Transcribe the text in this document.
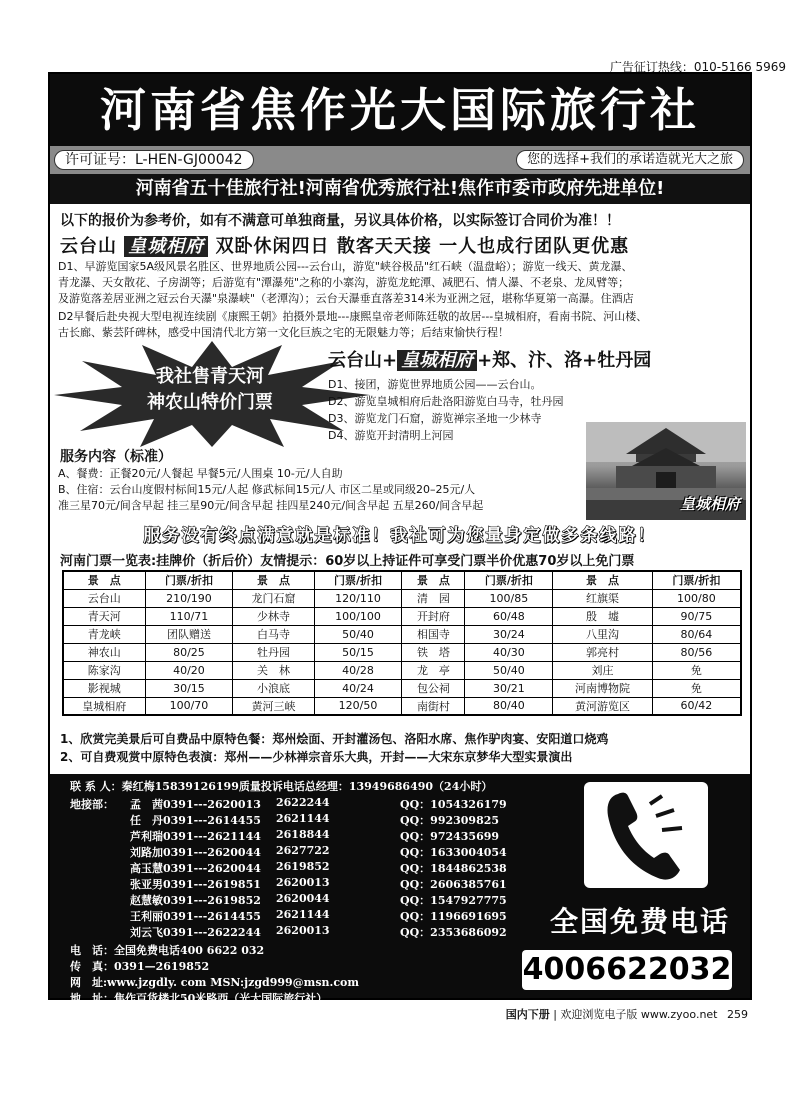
广告征订热线：010-5166 5969
河南省焦作光大国际旅行社
许可证号：L-HEN-GJ00042	您的选择+我们的承诺造就光大之旅
河南省五十佳旅行社!河南省优秀旅行社!焦作市委市政府先进单位!
以下的报价为参考价，如有不满意可单独商量，另议具体价格，以实际签订合同价为准！！
云台山 皇城相府 双卧休闲四日 散客天天接 一人也成行团队更优惠
D1、早游览国家5A级风景名胜区、世界地质公园---云台山，游览"峡谷极品"红石峡（温盘峪）；游览一线天、黄龙瀑、
青龙瀑、天女散花、子房湖等；后游览有"潭瀑苑"之称的小寨沟，游览龙蛇潭、减肥石、情人瀑、不老泉、龙凤臂等；
及游览落差居亚洲之冠云台天瀑"泉瀑峡"（老潭沟）；云台天瀑垂直落差314米为亚洲之冠，堪称华夏第一高瀑。住酒店
D2早餐后赴央视大型电视连续剧《康熙王朝》拍摄外景地---康熙皇帝老师陈廷敬的故居---皇城相府，看南书院、河山楼、
古长廊、紫芸阡碑林，感受中国清代北方第一文化巨族之宅的无限魅力等；后结束愉快行程！
我社售青天河
神农山特价门票
云台山+ 皇城相府 +郑、汴、洛+牡丹园
D1、接团，游览世界地质公园——云台山。
D2、游览皇城相府后赴洛阳游览白马寺，牡丹园
D3、游览龙门石窟，游览禅宗圣地一少林寺
D4、游览开封清明上河园
皇城相府
服务内容（标准）
A、餐费：正餐20元/人餐起 早餐5元/人围桌 10-元/人自助
B、住宿：云台山度假村标间15元/人起 修武标间15元/人 市区二星或同级20–25元/人
准三星70元/间含早起 挂三星90元/间含早起 挂四星240元/间含早起 五星260/间含早起
服务没有终点满意就是标准！我社可为您量身定做多条线路！
河南门票一览表:挂牌价（折后价）友情提示：60岁以上持证件可享受门票半价优惠70岁以上免门票
景　点	门票/折扣	景　点	门票/折扣	景　点	门票/折扣	景　点	门票/折扣
云台山	210/190	龙门石窟	120/110	清　园	100/85	红旗渠	100/80
青天河	110/71	少林寺	100/100	开封府	60/48	殷　墟	90/75
青龙峡	团队赠送	白马寺	50/40	相国寺	30/24	八里沟	80/64
神农山	80/25	牡丹园	50/15	铁　塔	40/30	郭亮村	80/56
陈家沟	40/20	关　林	40/28	龙　亭	50/40	刘庄	免
影视城	30/15	小浪底	40/24	包公祠	30/21	河南博物院	免
皇城相府	100/70	黄河三峡	120/50	南街村	80/40	黄河游览区	60/42
1、欣赏完美景后可自费品中原特色餐：郑州烩面、开封灌汤包、洛阳水席、焦作驴肉宴、安阳道口烧鸡
2、可自费观赏中原特色表演：郑州——少林禅宗音乐大典，开封——大宋东京梦华大型实景演出
联 系 人：秦红梅15839126199质量投诉电话总经理：13949686490（24小时）
地接部： 孟　茜0391---2620013 2622244	QQ：1054326179
任　丹0391---2614455 2621144	QQ：992309825
芦利瑞0391---2621144 2618844	QQ：972435699
刘路加0391---2620044 2627722	QQ：1633004054
高玉慧0391---2620044 2619852	QQ：1844862538
张亚男0391---2619851 2620013	QQ：2606385761
赵慧敏0391---2619852 2620044	QQ：1547927775
王利丽0391---2614455 2621144	QQ：1196691695
刘云飞0391---2622244 2620013	QQ：2353686092
电　话：全国免费电话400 6622 032
传　真：0391—2619852
网　址:www.jzgdly. com MSN:jzgd999@msn.com
地　址：焦作百货楼北50米路西（光大国际旅行社）
全国免费电话
4006622032
国内下册 | 欢迎浏览电子版 www.zyoo.net 259
